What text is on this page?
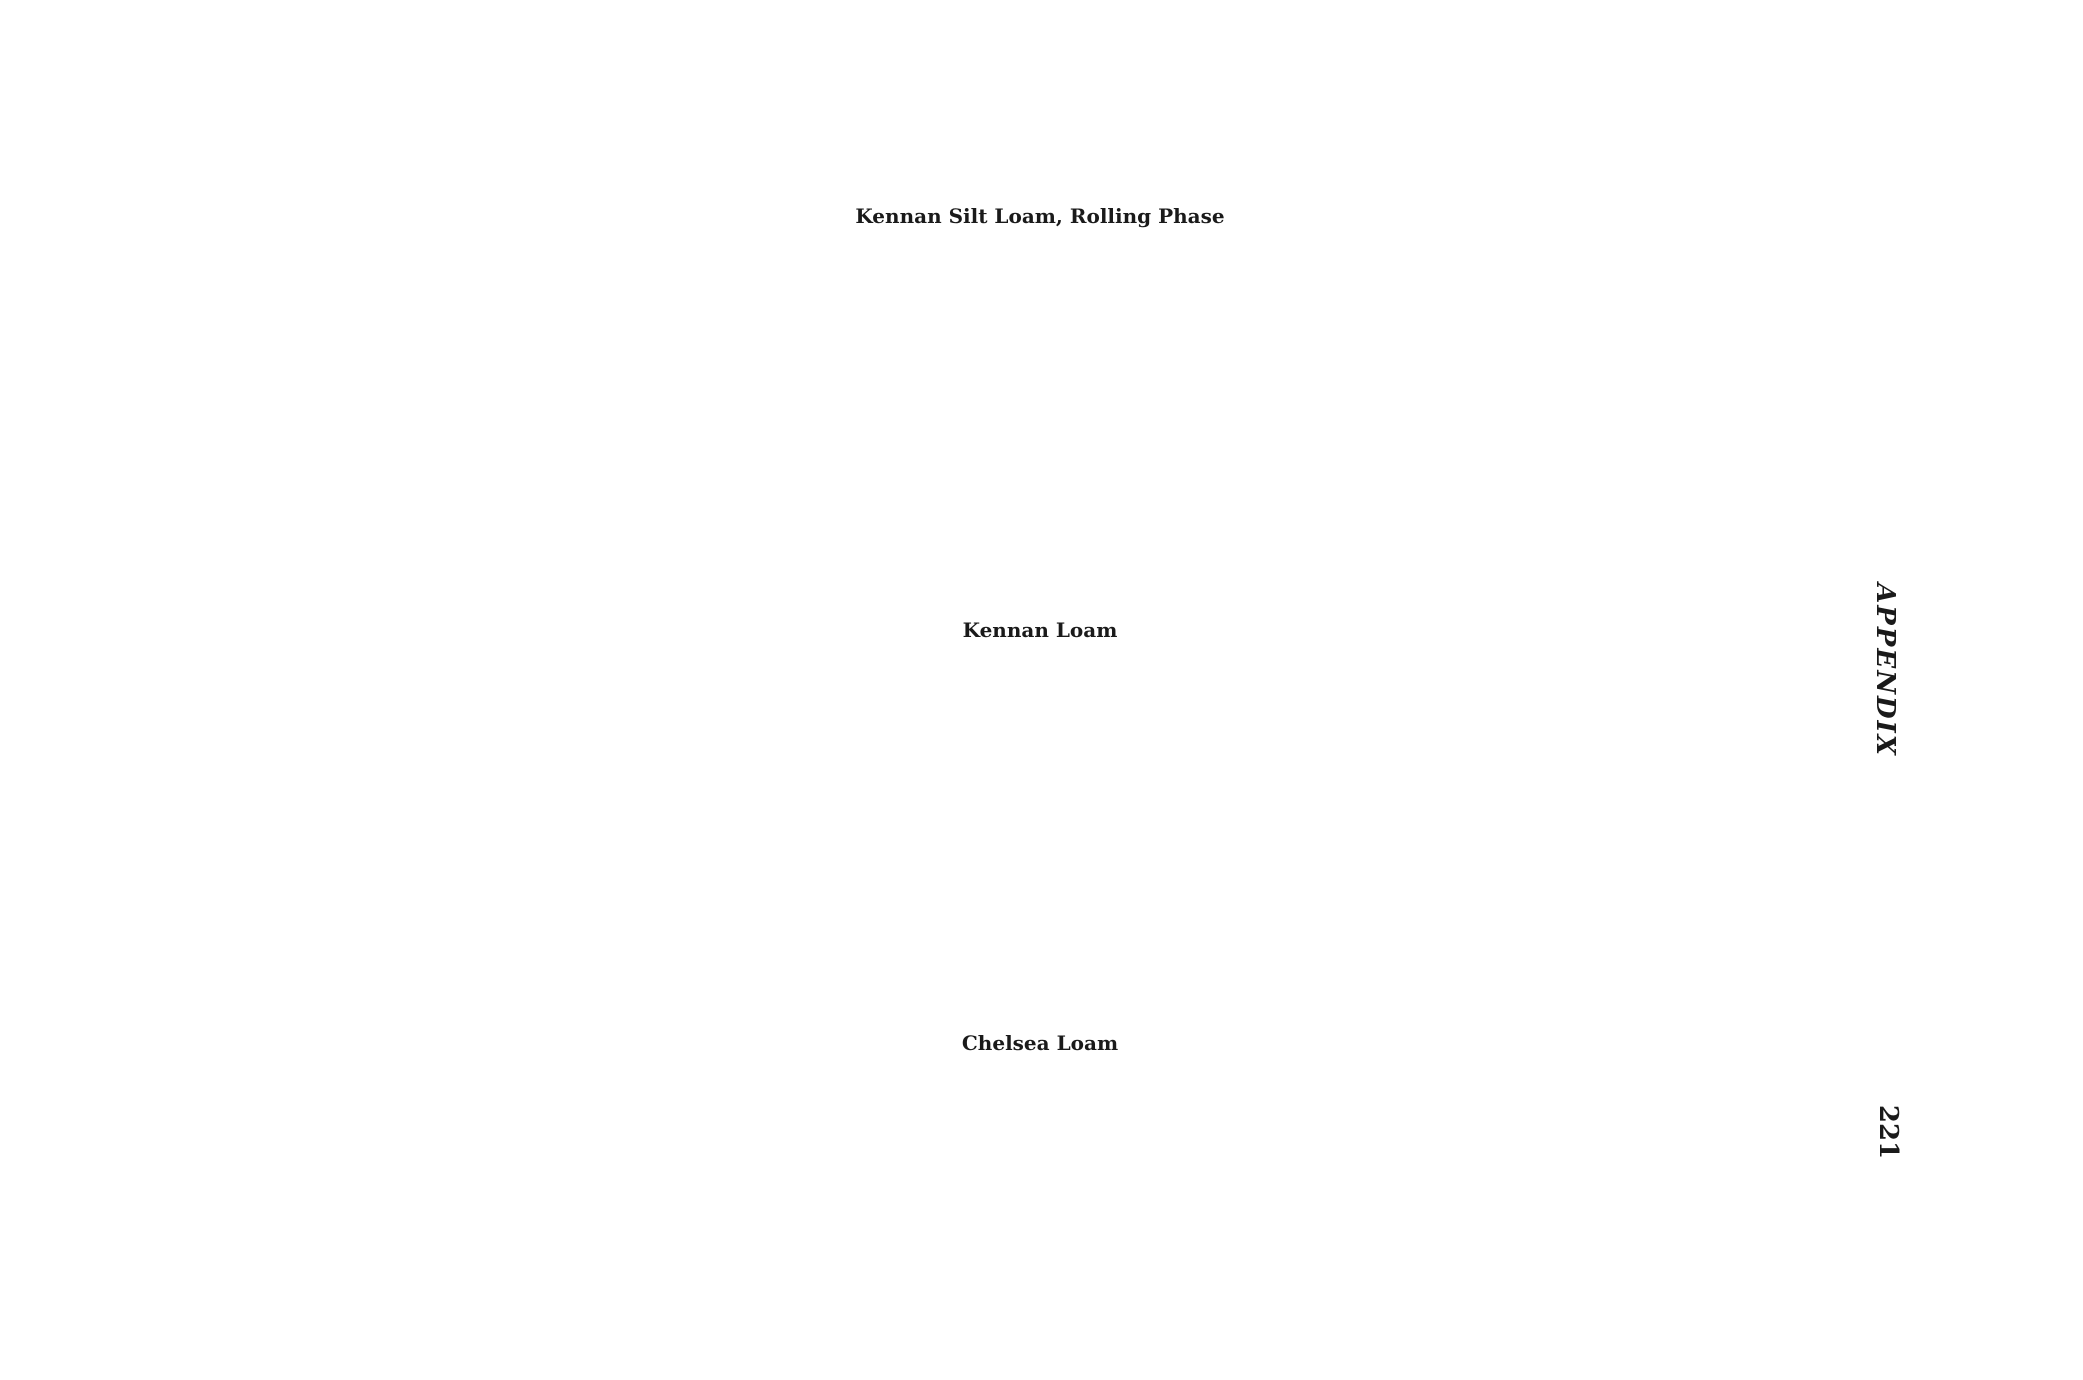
Kennan Silt Loam, Rolling Phase
Kennan Loam
Chelsea Loam
APPENDIX
221
